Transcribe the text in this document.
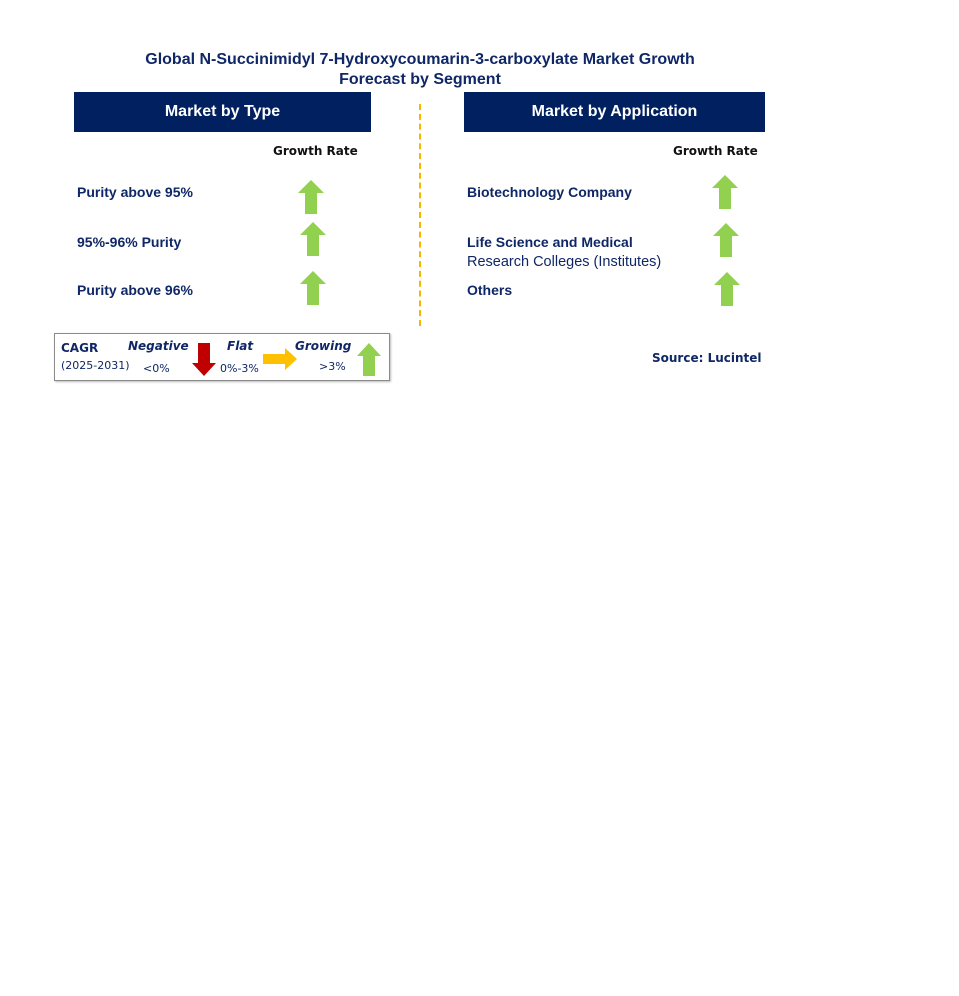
Global N-Succinimidyl 7-Hydroxycoumarin-3-carboxylate Market Growth
Forecast by Segment
Market by Type
Growth Rate
Purity above 95%
95%-96% Purity
Purity above 96%
Market by Application
Growth Rate
Biotechnology Company
Life Science and Medical
Research Colleges (Institutes)
Others
CAGR
(2025-2031)
Negative
<0%
Flat
0%-3%
Growing
>3%
Source: Lucintel
